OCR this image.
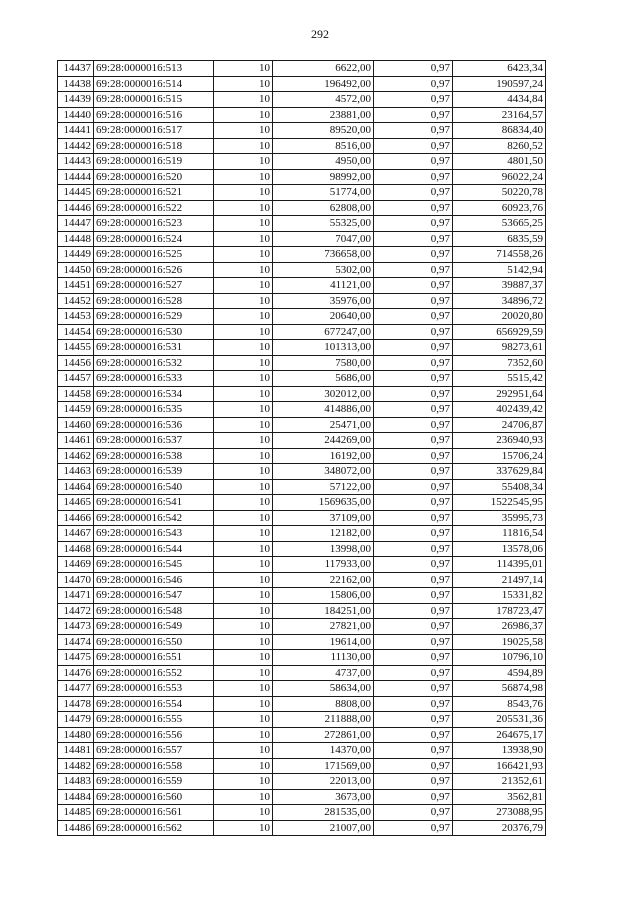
292
14437	69:28:0000016:513	10	6622,00	0,97	6423,34
14438	69:28:0000016:514	10	196492,00	0,97	190597,24
14439	69:28:0000016:515	10	4572,00	0,97	4434,84
14440	69:28:0000016:516	10	23881,00	0,97	23164,57
14441	69:28:0000016:517	10	89520,00	0,97	86834,40
14442	69:28:0000016:518	10	8516,00	0,97	8260,52
14443	69:28:0000016:519	10	4950,00	0,97	4801,50
14444	69:28:0000016:520	10	98992,00	0,97	96022,24
14445	69:28:0000016:521	10	51774,00	0,97	50220,78
14446	69:28:0000016:522	10	62808,00	0,97	60923,76
14447	69:28:0000016:523	10	55325,00	0,97	53665,25
14448	69:28:0000016:524	10	7047,00	0,97	6835,59
14449	69:28:0000016:525	10	736658,00	0,97	714558,26
14450	69:28:0000016:526	10	5302,00	0,97	5142,94
14451	69:28:0000016:527	10	41121,00	0,97	39887,37
14452	69:28:0000016:528	10	35976,00	0,97	34896,72
14453	69:28:0000016:529	10	20640,00	0,97	20020,80
14454	69:28:0000016:530	10	677247,00	0,97	656929,59
14455	69:28:0000016:531	10	101313,00	0,97	98273,61
14456	69:28:0000016:532	10	7580,00	0,97	7352,60
14457	69:28:0000016:533	10	5686,00	0,97	5515,42
14458	69:28:0000016:534	10	302012,00	0,97	292951,64
14459	69:28:0000016:535	10	414886,00	0,97	402439,42
14460	69:28:0000016:536	10	25471,00	0,97	24706,87
14461	69:28:0000016:537	10	244269,00	0,97	236940,93
14462	69:28:0000016:538	10	16192,00	0,97	15706,24
14463	69:28:0000016:539	10	348072,00	0,97	337629,84
14464	69:28:0000016:540	10	57122,00	0,97	55408,34
14465	69:28:0000016:541	10	1569635,00	0,97	1522545,95
14466	69:28:0000016:542	10	37109,00	0,97	35995,73
14467	69:28:0000016:543	10	12182,00	0,97	11816,54
14468	69:28:0000016:544	10	13998,00	0,97	13578,06
14469	69:28:0000016:545	10	117933,00	0,97	114395,01
14470	69:28:0000016:546	10	22162,00	0,97	21497,14
14471	69:28:0000016:547	10	15806,00	0,97	15331,82
14472	69:28:0000016:548	10	184251,00	0,97	178723,47
14473	69:28:0000016:549	10	27821,00	0,97	26986,37
14474	69:28:0000016:550	10	19614,00	0,97	19025,58
14475	69:28:0000016:551	10	11130,00	0,97	10796,10
14476	69:28:0000016:552	10	4737,00	0,97	4594,89
14477	69:28:0000016:553	10	58634,00	0,97	56874,98
14478	69:28:0000016:554	10	8808,00	0,97	8543,76
14479	69:28:0000016:555	10	211888,00	0,97	205531,36
14480	69:28:0000016:556	10	272861,00	0,97	264675,17
14481	69:28:0000016:557	10	14370,00	0,97	13938,90
14482	69:28:0000016:558	10	171569,00	0,97	166421,93
14483	69:28:0000016:559	10	22013,00	0,97	21352,61
14484	69:28:0000016:560	10	3673,00	0,97	3562,81
14485	69:28:0000016:561	10	281535,00	0,97	273088,95
14486	69:28:0000016:562	10	21007,00	0,97	20376,79
